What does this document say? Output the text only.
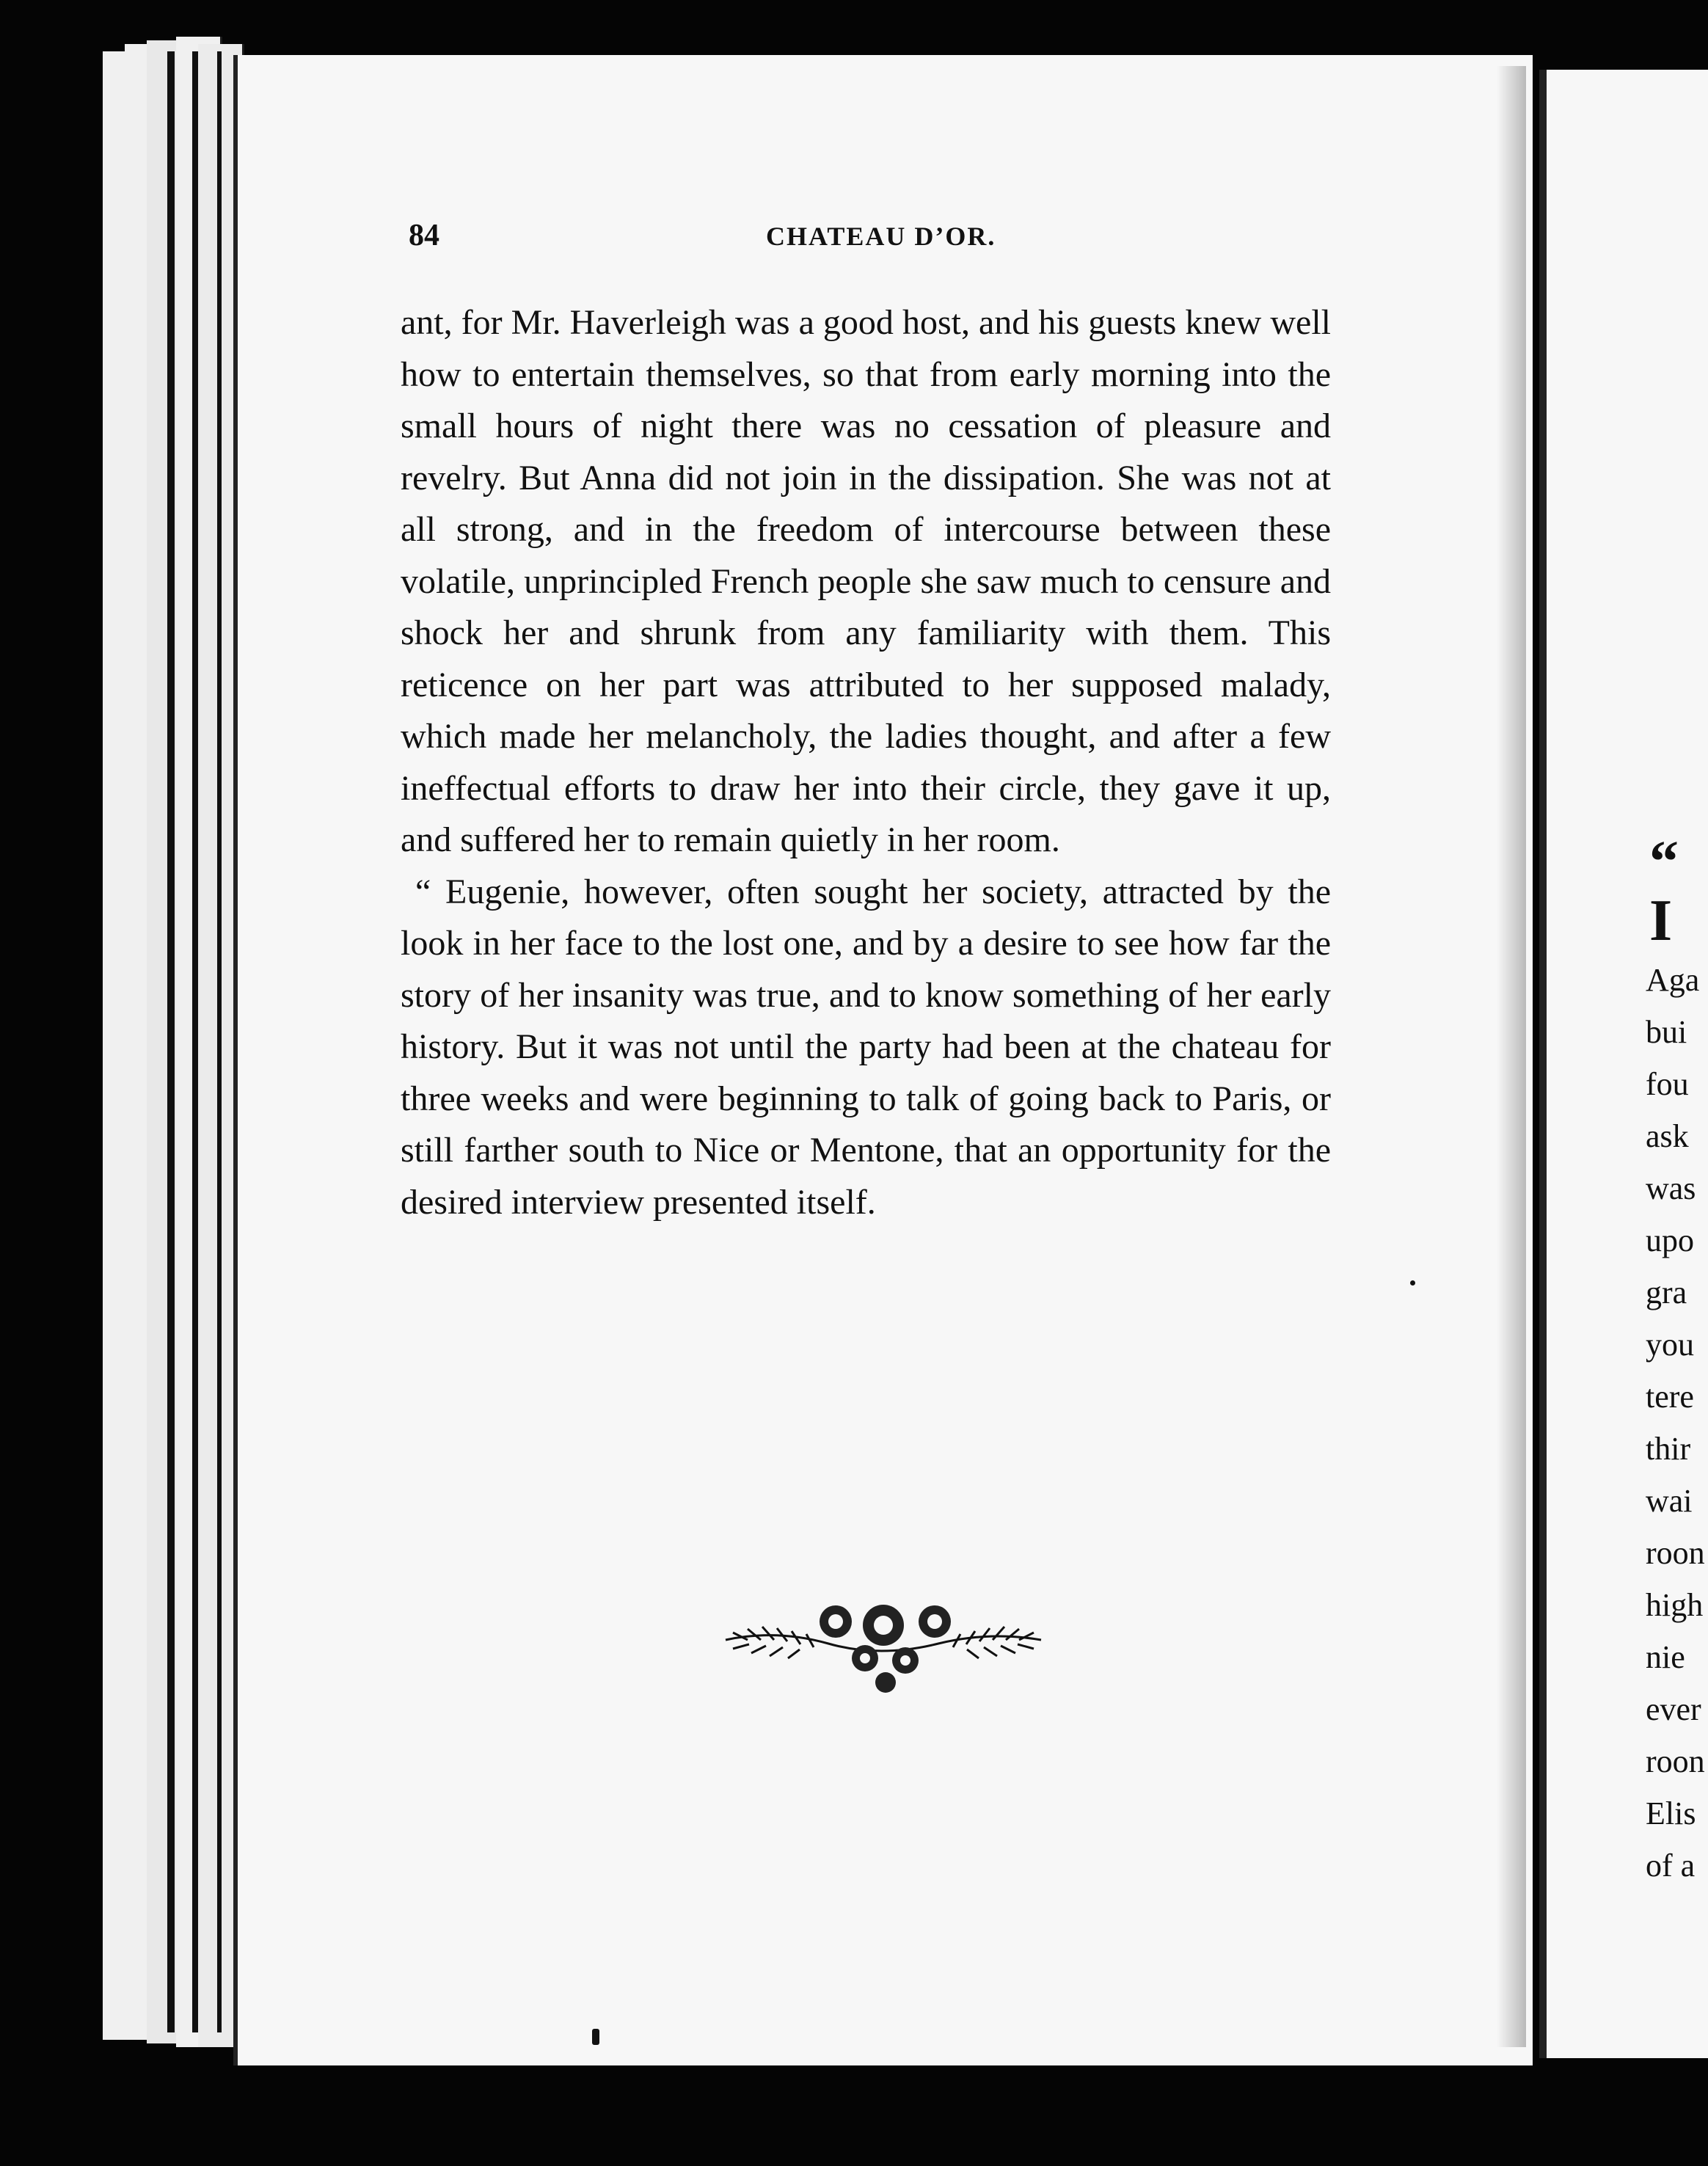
84	CHATEAU D’OR.

ant, for Mr. Haverleigh was a good host, and his guests knew well how to entertain themselves, so that from early morning into the small hours of night there was no cessation of pleasure and revelry. But Anna did not join in the dissipation. She was not at all strong, and in the freedom of intercourse between these volatile, unprincipled French people she saw much to censure and shock her and shrunk from any familiarity with them. This reticence on her part was attributed to her supposed malady, which made her melancholy, the ladies thought, and after a few ineffectual efforts to draw her into their circle, they gave it up, and suffered her to remain quietly in her room.

“ Eugenie, however, often sought her society, attracted by the look in her face to the lost one, and by a desire to see how far the story of her insanity was true, and to know something of her early history. But it was not until the party had been at the chateau for three weeks and were beginning to talk of going back to Paris, or still farther south to Nice or Mentone, that an opportunity for the desired interview presented itself.

“ I
Aga
bui
fou
ask
was
upo
gra
you
tere
thir
wai
roon
high
nie
ever
roon
Elis
of a
